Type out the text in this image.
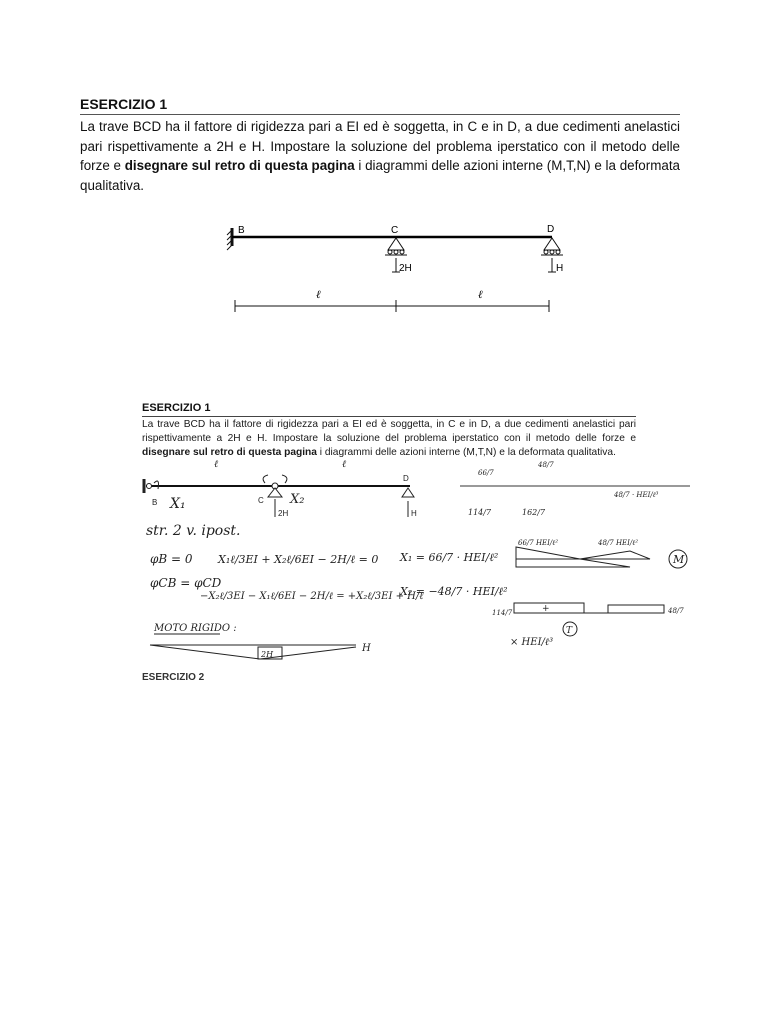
ESERCIZIO 1
La trave BCD ha il fattore di rigidezza pari a EI ed è soggetta, in C e in D, a due cedimenti anelastici pari rispettivamente a 2H e H. Impostare la soluzione del problema iperstatico con il metodo delle forze e disegnare sul retro di questa pagina i diagrammi delle azioni interne (M,T,N) e la deformata qualitativa.
B	C
2H
D
H
ℓ	ℓ
ESERCIZIO 1
La trave BCD ha il fattore di rigidezza pari a EI ed è soggetta, in C e in D, a due cedimenti anelastici pari rispettivamente a 2H e H. Impostare la soluzione del problema iperstatico con il metodo delle forze e disegnare sul retro di questa pagina i diagrammi delle azioni interne (M,T,N) e la deformata qualitativa.
ℓ	ℓ
B X₁	C X₂
2H
D
H
66/7
48/7
114/7	162/7
48/7 · HEI/ℓ³
str. 2 v. ipost.
φB = 0
φCB = φCD
X₁ℓ/3EI + X₂ℓ/6EI − 2H/ℓ = 0
−X₂ℓ/3EI − X₁ℓ/6EI − 2H/ℓ = +X₂ℓ/3EI + H/ℓ
X₁ = 66/7 · HEI/ℓ²
X₂ = −48/7 · HEI/ℓ²
66/7 HEI/ℓ²	48/7 HEI/ℓ²
M
+
114/7	48/7
× HEI/ℓ³
T
MOTO RIGIDO :
2H
H
ESERCIZIO 2
